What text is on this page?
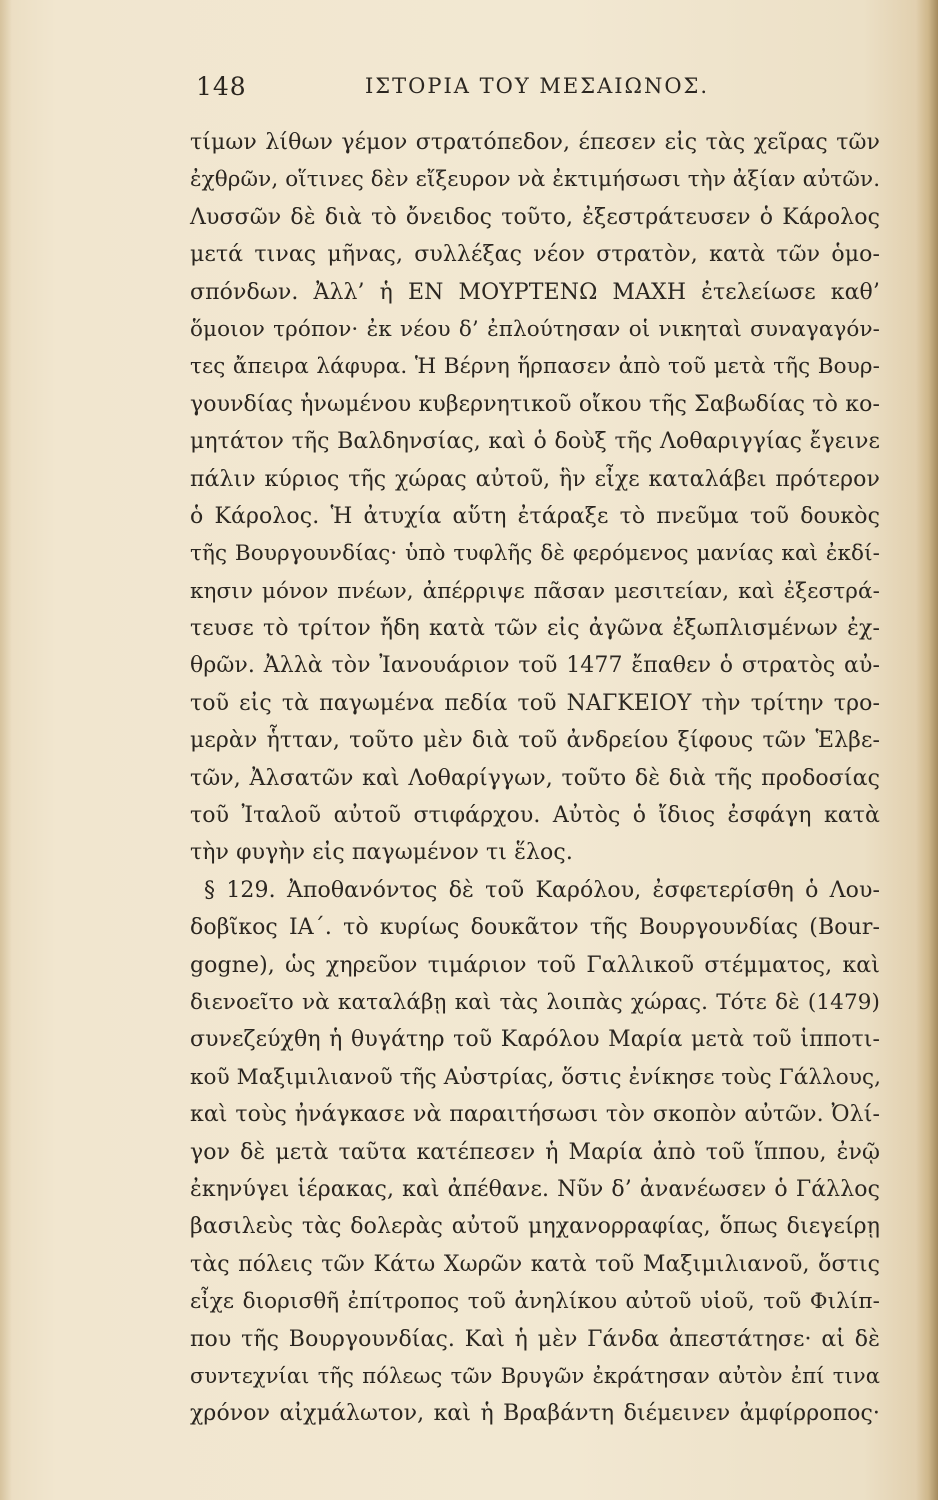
148	ΙΣΤΟΡΙΑ ΤΟΥ ΜΕΣΑΙΩΝΟΣ.
τίμων λίθων γέμον στρατόπεδον, έπεσεν εἰς τὰς χεῖρας τῶν
ἐχθρῶν, οἵτινες δὲν εἴξευρον νὰ ἐκτιμήσωσι τὴν ἀξίαν αὐτῶν.
Λυσσῶν δὲ διὰ τὸ ὄνειδος τοῦτο, ἐξεστράτευσεν ὁ Κάρολος
μετά τινας μῆνας, συλλέξας νέον στρατὸν, κατὰ τῶν ὁμο-
σπόνδων. Ἀλλ’ ἡ ΕΝ ΜΟΥΡΤΕΝΩ ΜΑΧΗ ἐτελείωσε καθ’
ὅμοιον τρόπον· ἐκ νέου δ’ ἐπλούτησαν οἱ νικηταὶ συναγαγόν-
τες ἄπειρα λάφυρα. Ἡ Βέρνη ἥρπασεν ἀπὸ τοῦ μετὰ τῆς Βουρ-
γουνδίας ἡνωμένου κυβερνητικοῦ οἴκου τῆς Σαβωδίας τὸ κο-
μητάτον τῆς Βαλδηνσίας, καὶ ὁ δοὺξ τῆς Λοθαριγγίας ἔγεινε
πάλιν κύριος τῆς χώρας αὐτοῦ, ἣν εἶχε καταλάβει πρότερον
ὁ Κάρολος. Ἡ ἀτυχία αὕτη ἐτάραξε τὸ πνεῦμα τοῦ δουκὸς
τῆς Βουργουνδίας· ὑπὸ τυφλῆς δὲ φερόμενος μανίας καὶ ἐκδί-
κησιν μόνον πνέων, ἀπέρριψε πᾶσαν μεσιτείαν, καὶ ἐξεστρά-
τευσε τὸ τρίτον ἤδη κατὰ τῶν εἰς ἀγῶνα ἐξωπλισμένων ἐχ-
θρῶν. Ἀλλὰ τὸν Ἰανουάριον τοῦ 1477 ἔπαθεν ὁ στρατὸς αὐ-
τοῦ εἰς τὰ παγωμένα πεδία τοῦ ΝΑΓΚΕΙΟΥ τὴν τρίτην τρο-
μερὰν ἧτταν, τοῦτο μὲν διὰ τοῦ ἀνδρείου ξίφους τῶν Ἑλβε-
τῶν, Ἀλσατῶν καὶ Λοθαρίγγων, τοῦτο δὲ διὰ τῆς προδοσίας
τοῦ Ἰταλοῦ αὐτοῦ στιφάρχου. Αὐτὸς ὁ ἴδιος ἐσφάγη κατὰ
τὴν φυγὴν εἰς παγωμένον τι ἕλος.
§ 129. Ἀποθανόντος δὲ τοῦ Καρόλου, ἐσφετερίσθη ὁ Λου-
δοβῖκος ΙΑ΄. τὸ κυρίως δουκᾶτον τῆς Βουργουνδίας (Bour-
gogne), ὡς χηρεῦον τιμάριον τοῦ Γαλλικοῦ στέμματος, καὶ
διενοεῖτο νὰ καταλάβῃ καὶ τὰς λοιπὰς χώρας. Τότε δὲ (1479)
συνεζεύχθη ἡ θυγάτηρ τοῦ Καρόλου Μαρία μετὰ τοῦ ἱπποτι-
κοῦ Μαξιμιλιανοῦ τῆς Αὐστρίας, ὅστις ἐνίκησε τοὺς Γάλλους,
καὶ τοὺς ἠνάγκασε νὰ παραιτήσωσι τὸν σκοπὸν αὐτῶν. Ὀλί-
γον δὲ μετὰ ταῦτα κατέπεσεν ἡ Μαρία ἀπὸ τοῦ ἵππου, ἐνῷ
ἐκηνύγει ἱέρακας, καὶ ἀπέθανε. Νῦν δ’ ἀνανέωσεν ὁ Γάλλος
βασιλεὺς τὰς δολερὰς αὐτοῦ μηχανορραφίας, ὅπως διεγείρῃ
τὰς πόλεις τῶν Κάτω Χωρῶν κατὰ τοῦ Μαξιμιλιανοῦ, ὅστις
εἶχε διορισθῆ ἐπίτροπος τοῦ ἀνηλίκου αὐτοῦ υἱοῦ, τοῦ Φιλίπ-
που τῆς Βουργουνδίας. Καὶ ἡ μὲν Γάνδα ἀπεστάτησε· αἱ δὲ
συντεχνίαι τῆς πόλεως τῶν Βρυγῶν ἐκράτησαν αὐτὸν ἐπί τινα
χρόνον αἰχμάλωτον, καὶ ἡ Βραβάντη διέμεινεν ἀμφίρροπος·
